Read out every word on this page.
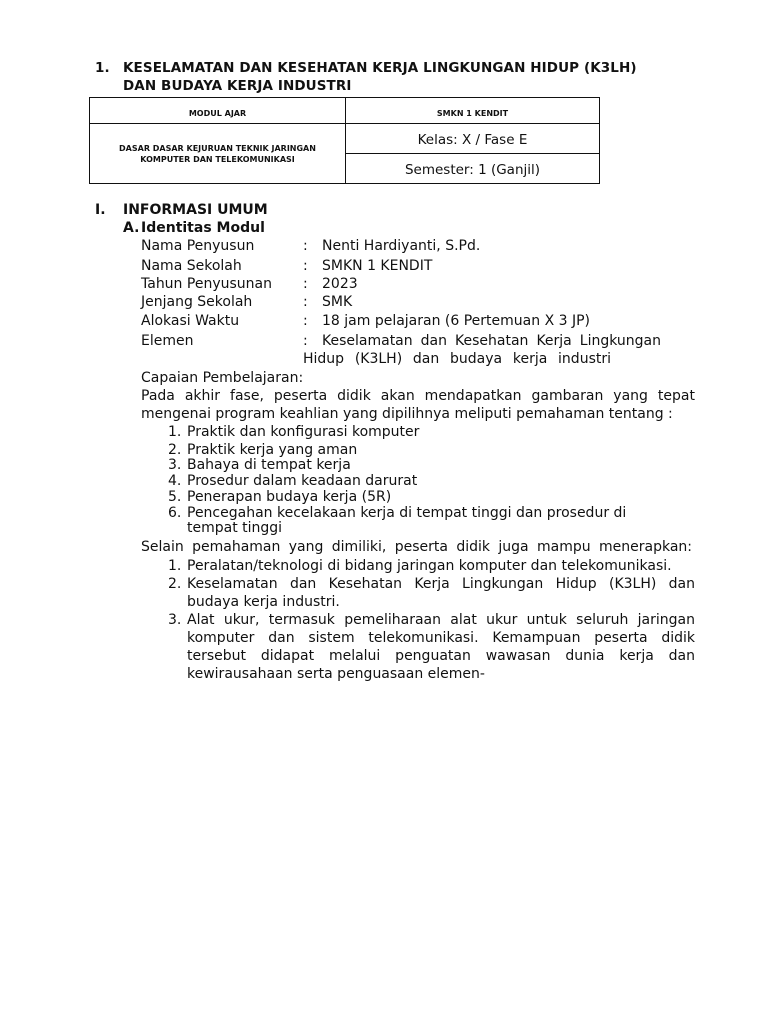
1. KESELAMATAN DAN KESEHATAN KERJA LINGKUNGAN HIDUP (K3LH)
DAN BUDAYA KERJA INDUSTRI
MODUL AJAR	SMKN 1 KENDIT

DASAR DASAR KEJURUAN TEKNIK JARINGAN
KOMPUTER DAN TELEKOMUNIKASI	Kelas: X / Fase E
	Semester: 1 (Ganjil)
I. INFORMASI UMUM
A. Identitas Modul
Nama Penyusun	: Nenti Hardiyanti, S.Pd.
Nama Sekolah	: SMKN 1 KENDIT
Tahun Penyusunan : 2023
Jenjang Sekolah	: SMK
Alokasi Waktu	: 18 jam pelajaran (6 Pertemuan X 3 JP)
Elemen	: Keselamatan dan Kesehatan Kerja Lingkungan
Hidup (K3LH) dan budaya kerja industri
Capaian Pembelajaran:
Pada akhir fase, peserta didik akan mendapatkan gambaran yang tepat
mengenai program keahlian yang dipilihnya meliputi pemahaman tentang :
1. Praktik dan konfigurasi komputer
2. Praktik kerja yang aman
3. Bahaya di tempat kerja
4. Prosedur dalam keadaan darurat
5. Penerapan budaya kerja (5R)
6. Pencegahan kecelakaan kerja di tempat tinggi dan prosedur di
tempat tinggi
Selain pemahaman yang dimiliki, peserta didik juga mampu menerapkan:
1. Peralatan/teknologi di bidang jaringan komputer dan telekomunikasi.
2. Keselamatan dan Kesehatan Kerja Lingkungan Hidup (K3LH) dan
budaya kerja industri.
3. Alat ukur, termasuk pemeliharaan alat ukur untuk seluruh jaringan
komputer dan sistem telekomunikasi. Kemampuan peserta didik
tersebut didapat melalui penguatan wawasan dunia kerja dan
kewirausahaan serta penguasaan elemen-
